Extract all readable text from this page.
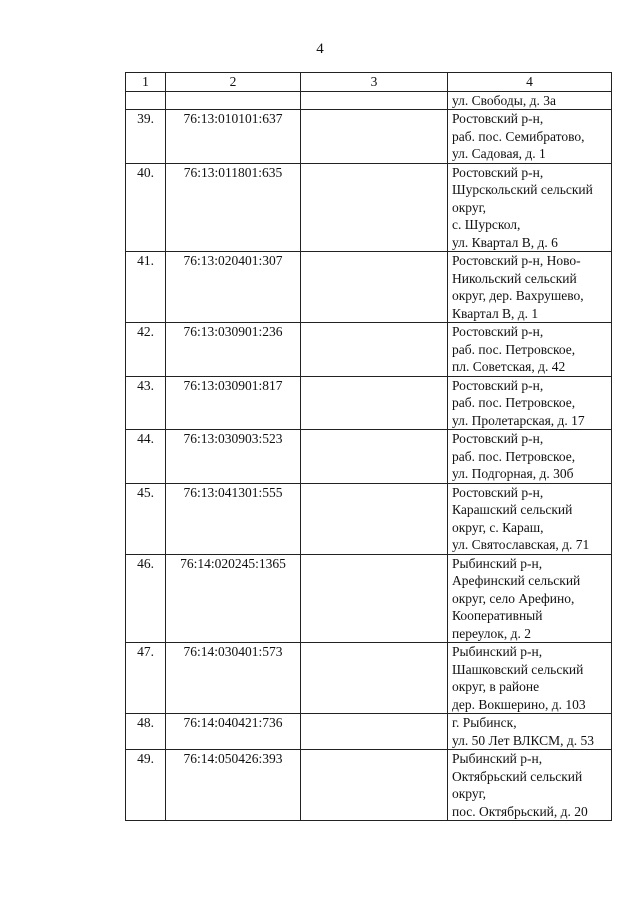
4
1	2	3	4

			ул. Свободы, д. 3а

39.	76:13:010101:637		Ростовский р-н,
раб. пос. Семибратово,
ул. Садовая, д. 1

40.	76:13:011801:635		Ростовский р-н,
Шурскольский сельский
округ,
с. Шурскол,
ул. Квартал В, д. 6

41.	76:13:020401:307		Ростовский р-н, Ново-
Никольский сельский
округ, дер. Вахрушево,
Квартал В, д. 1

42.	76:13:030901:236		Ростовский р-н,
раб. пос. Петровское,
пл. Советская, д. 42

43.	76:13:030901:817		Ростовский р-н,
раб. пос. Петровское,
ул. Пролетарская, д. 17

44.	76:13:030903:523		Ростовский р-н,
раб. пос. Петровское,
ул. Подгорная, д. 30б

45.	76:13:041301:555		Ростовский р-н,
Карашский сельский
округ, с. Караш,
ул. Святославская, д. 71

46.	76:14:020245:1365		Рыбинский р-н,
Арефинский сельский
округ, село Арефино,
Кооперативный
переулок, д. 2

47.	76:14:030401:573		Рыбинский р-н,
Шашковский сельский
округ, в районе
дер. Вокшерино, д. 103

48.	76:14:040421:736		г. Рыбинск,
ул. 50 Лет ВЛКСМ, д. 53

49.	76:14:050426:393		Рыбинский р-н,
Октябрьский сельский
округ,
пос. Октябрьский, д. 20
